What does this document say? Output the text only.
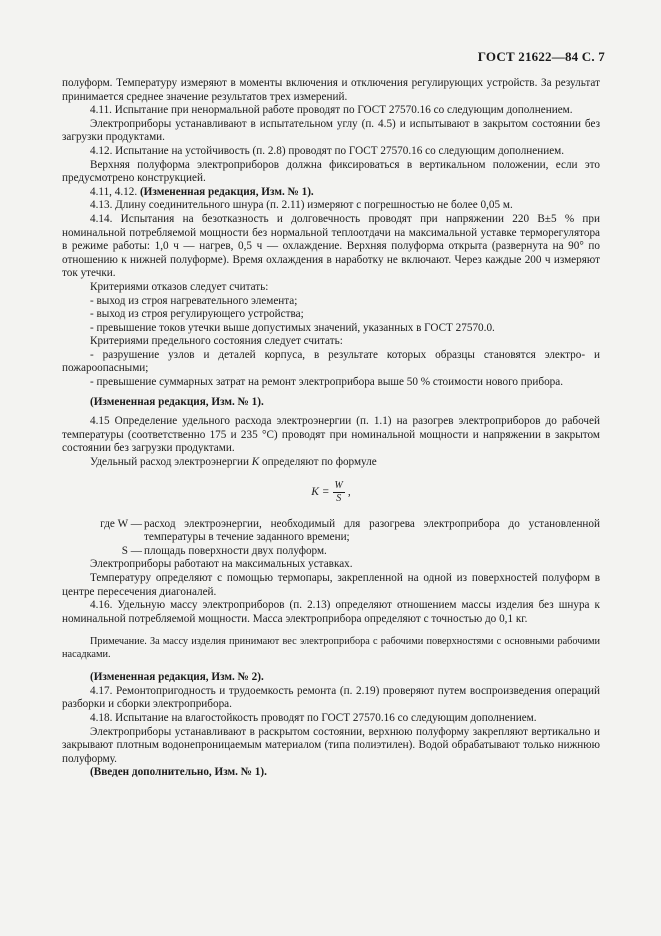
ГОСТ 21622—84 С. 7

полуформ. Температуру измеряют в моменты включения и отключения регулирующих устройств. За результат принимается среднее значение результатов трех измерений.

4.11. Испытание при ненормальной работе проводят по ГОСТ 27570.16 со следующим дополнением.

Электроприборы устанавливают в испытательном углу (п. 4.5) и испытывают в закрытом состоянии без загрузки продуктами.

4.12. Испытание на устойчивость (п. 2.8) проводят по ГОСТ 27570.16 со следующим дополнением.

Верхняя полуформа электроприборов должна фиксироваться в вертикальном положении, если это предусмотрено конструкцией.

4.11, 4.12. (Измененная редакция, Изм. № 1).

4.13. Длину соединительного шнура (п. 2.11) измеряют с погрешностью не более 0,05 м.

4.14. Испытания на безотказность и долговечность проводят при напряжении 220 В±5 % при номинальной потребляемой мощности без нормальной теплоотдачи на максимальной уставке терморегулятора в режиме работы: 1,0 ч — нагрев, 0,5 ч — охлаждение. Верхняя полуформа открыта (развернута на 90° по отношению к нижней полуформе). Время охлаждения в наработку не включают. Через каждые 200 ч измеряют ток утечки.

Критериями отказов следует считать:

- выход из строя нагревательного элемента;

- выход из строя регулирующего устройства;

- превышение токов утечки выше допустимых значений, указанных в ГОСТ 27570.0.

Критериями предельного состояния следует считать:

- разрушение узлов и деталей корпуса, в результате которых образцы становятся электро- и пожароопасными;

- превышение суммарных затрат на ремонт электроприбора выше 50 % стоимости нового прибора.

(Измененная редакция, Изм. № 1).

4.15 Определение удельного расхода электроэнергии (п. 1.1) на разогрев электроприборов до рабочей температуры (соответственно 175 и 235 °С) проводят при номинальной мощности и напряжении в закрытом состоянии без загрузки продуктами.

Удельный расход электроэнергии K определяют по формуле

$K = \frac{W}{S}$ ,
где W — расход электроэнергии, необходимый для разогрева электроприбора до установленной температуры в течение заданного времени;
S — площадь поверхности двух полуформ.

Электроприборы работают на максимальных уставках.

Температуру определяют с помощью термопары, закрепленной на одной из поверхностей полуформ в центре пересечения диагоналей.

4.16. Удельную массу электроприборов (п. 2.13) определяют отношением массы изделия без шнура к номинальной потребляемой мощности. Масса электроприбора определяют с точностью до 0,1 кг.

Примечание. За массу изделия принимают вес электроприбора с рабочими поверхностями с основными рабочими насадками.

(Измененная редакция, Изм. № 2).

4.17. Ремонтопригодность и трудоемкость ремонта (п. 2.19) проверяют путем воспроизведения операций разборки и сборки электроприбора.

4.18. Испытание на влагостойкость проводят по ГОСТ 27570.16 со следующим дополнением.

Электроприборы устанавливают в раскрытом состоянии, верхнюю полуформу закрепляют вертикально и закрывают плотным водонепроницаемым материалом (типа полиэтилен). Водой обрабатывают только нижнюю полуформу.

(Введен дополнительно, Изм. № 1).
